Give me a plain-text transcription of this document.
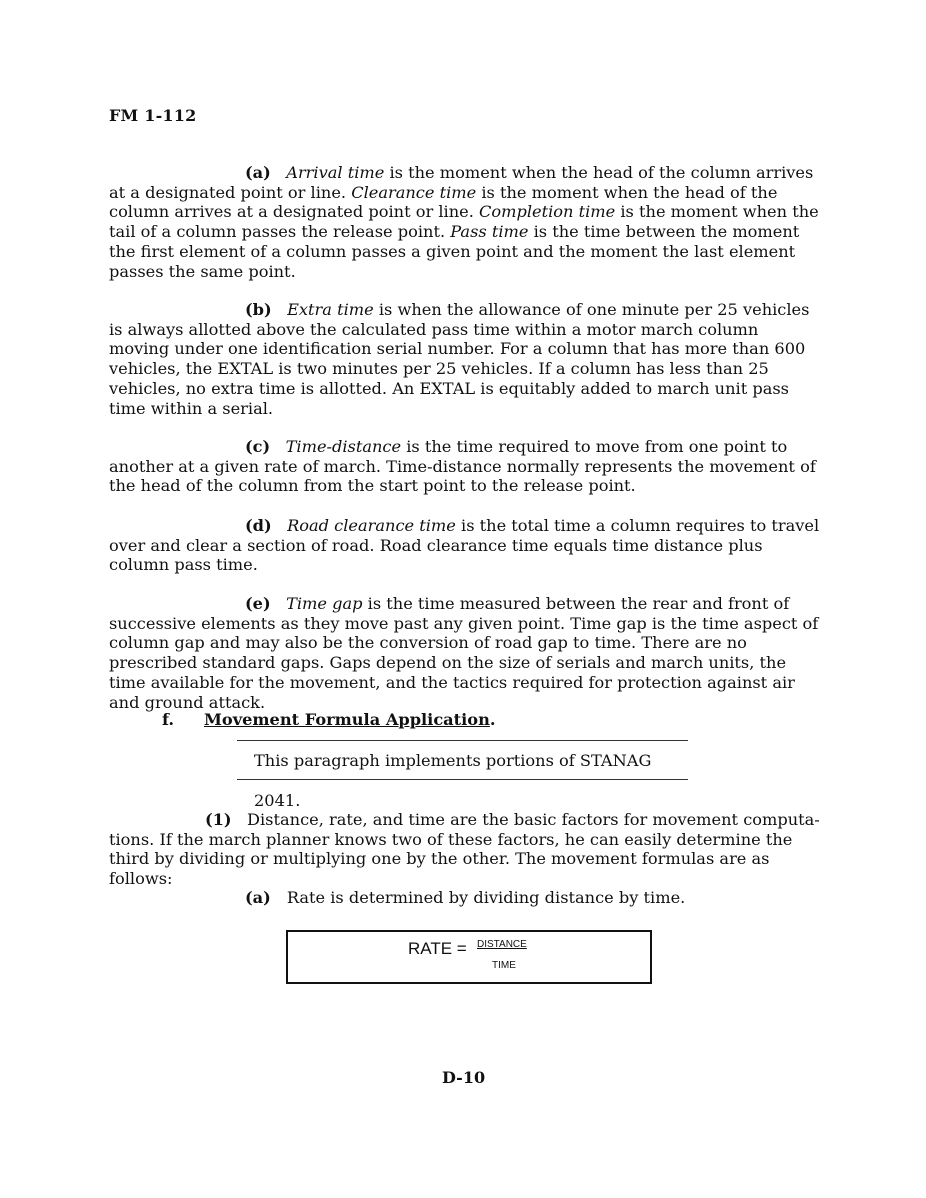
FM 1-112

(a) Arrival time is the moment when the head of the column arrives at a designated point or line. Clearance time is the moment when the head of the column arrives at a designated point or line. Completion time is the moment when the tail of a column passes the release point. Pass time is the time between the moment the first element of a column passes a given point and the moment the last element passes the same point.

(b) Extra time is when the allowance of one minute per 25 vehicles is always allotted above the calculated pass time within a motor march column moving under one identification serial number. For a column that has more than 600 vehicles, the EXTAL is two minutes per 25 vehicles. If a column has less than 25 vehicles, no extra time is allotted. An EXTAL is equitably added to march unit pass time within a serial.

(c) Time-distance is the time required to move from one point to another at a given rate of march. Time-distance normally represents the movement of the head of the column from the start point to the release point.

(d) Road clearance time is the total time a column requires to travel over and clear a section of road. Road clearance time equals time distance plus column pass time.

(e) Time gap is the time measured between the rear and front of successive elements as they move past any given point. Time gap is the time aspect of column gap and may also be the conversion of road gap to time. There are no prescribed standard gaps. Gaps depend on the size of serials and march units, the time available for the movement, and the tactics required for protection against air and ground attack.

f. Movement Formula Application.
This paragraph implements portions of STANAG 2041.

(1) Distance, rate, and time are the basic factors for movement computa-tions. If the march planner knows two of these factors, he can easily determine the third by dividing or multiplying one by the other. The movement formulas are as follows:

(a) Rate is determined by dividing distance by time.
RATE = DISTANCE
TIME
D-10
